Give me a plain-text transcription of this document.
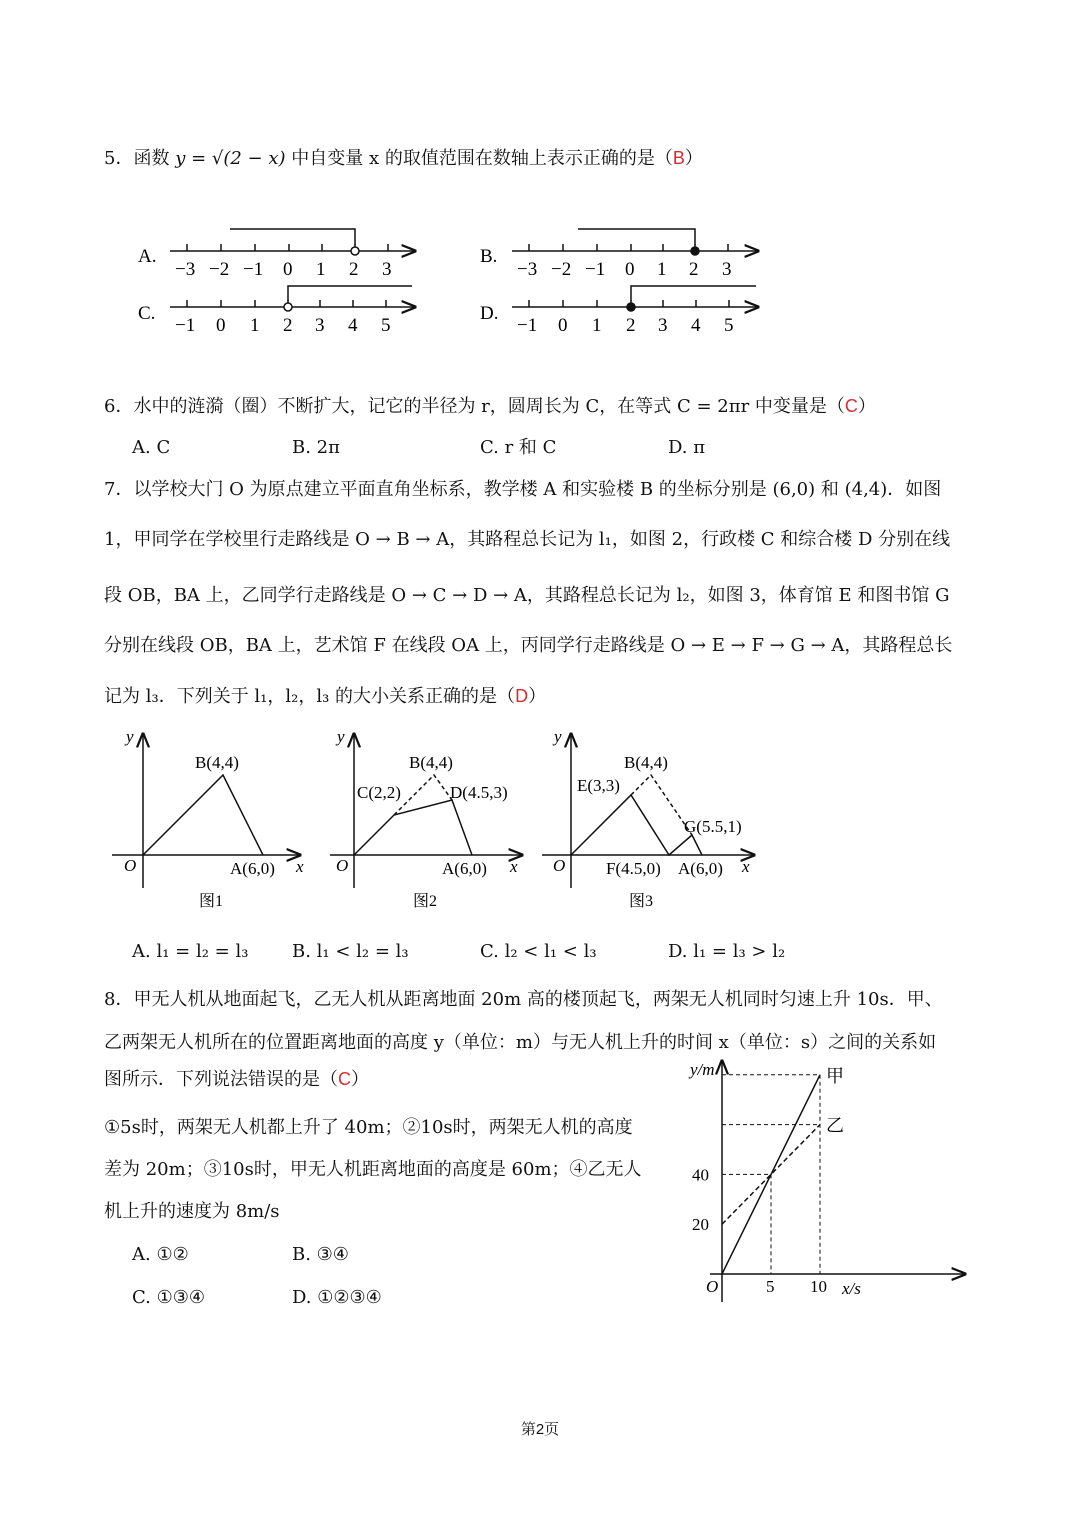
5．函数 y = √(2 − x) 中自变量 x 的取值范围在数轴上表示正确的是（B）
A.
−3 −2 −1 0 1 2 3
B.
−3 −2 −1 0 1 2 3
C.
−1 0 1 2 3 4 5
D.
−1 0 1 2 3 4 5
6．水中的涟漪（圈）不断扩大，记它的半径为 r，圆周长为 C，在等式 C = 2πr 中变量是（C）
A. C	B. 2π	C. r 和 C	D. π
7．以学校大门 O 为原点建立平面直角坐标系，教学楼 A 和实验楼 B 的坐标分别是 (6,0) 和 (4,4)．如图
1，甲同学在学校里行走路线是 O → B → A，其路程总长记为 l₁，如图 2，行政楼 C 和综合楼 D 分别在线
段 OB，BA 上，乙同学行走路线是 O → C → D → A，其路程总长记为 l₂，如图 3，体育馆 E 和图书馆 G
分别在线段 OB，BA 上，艺术馆 F 在线段 OA 上，丙同学行走路线是 O → E → F → G → A，其路程总长
记为 l₃．下列关于 l₁，l₂，l₃ 的大小关系正确的是（D）
y
O	x
B(4,4)
A(6,0)
图1
y
O	x
B(4,4)
C(2,2)	D(4.5,3)
A(6,0)
图2
y
O	x
B(4,4)
E(3,3)
G(5.5,1)
F(4.5,0) A(6,0)
图3
A. l₁ = l₂ = l₃ B. l₁ < l₂ = l₃	C. l₂ < l₁ < l₃	D. l₁ = l₃ > l₂
8．甲无人机从地面起飞，乙无人机从距离地面 20m 高的楼顶起飞，两架无人机同时匀速上升 10s．甲、
乙两架无人机所在的位置距离地面的高度 y（单位：m）与无人机上升的时间 x（单位：s）之间的关系如
图所示．下列说法错误的是（C）
①5s时，两架无人机都上升了 40m；②10s时，两架无人机的高度
差为 20m；③10s时，甲无人机距离地面的高度是 60m；④乙无人
机上升的速度为 8m/s
A. ①②	B. ③④
C. ①③④	D. ①②③④
甲
乙
5 10
20
40
O	x/s
y/m
第2页
